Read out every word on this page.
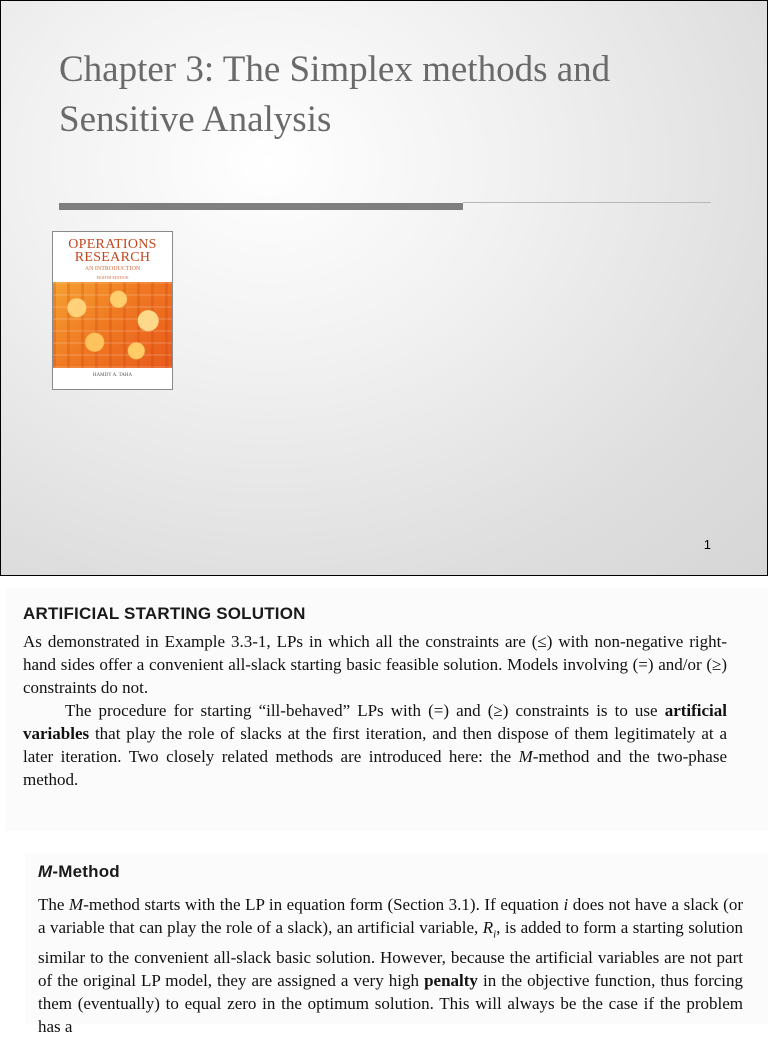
Chapter 3: The Simplex methods and Sensitive Analysis
OPERATIONS
RESEARCH
AN INTRODUCTION
EIGHTH EDITION
HAMDY A. TAHA
1
ARTIFICIAL STARTING SOLUTION

As demonstrated in Example 3.3-1, LPs in which all the constraints are (≤) with non-negative right-hand sides offer a convenient all-slack starting basic feasible solution. Models involving (=) and/or (≥) constraints do not.

The procedure for starting “ill-behaved” LPs with (=) and (≥) constraints is to use artificial variables that play the role of slacks at the first iteration, and then dispose of them legitimately at a later iteration. Two closely related methods are introduced here: the M-method and the two-phase method.

M-Method

The M-method starts with the LP in equation form (Section 3.1). If equation i does not have a slack (or a variable that can play the role of a slack), an artificial variable, $R_i$, is added to form a starting solution similar to the convenient all-slack basic solution. However, because the artificial variables are not part of the original LP model, they are assigned a very high penalty in the objective function, thus forcing them (eventually) to equal zero in the optimum solution. This will always be the case if the problem has a
